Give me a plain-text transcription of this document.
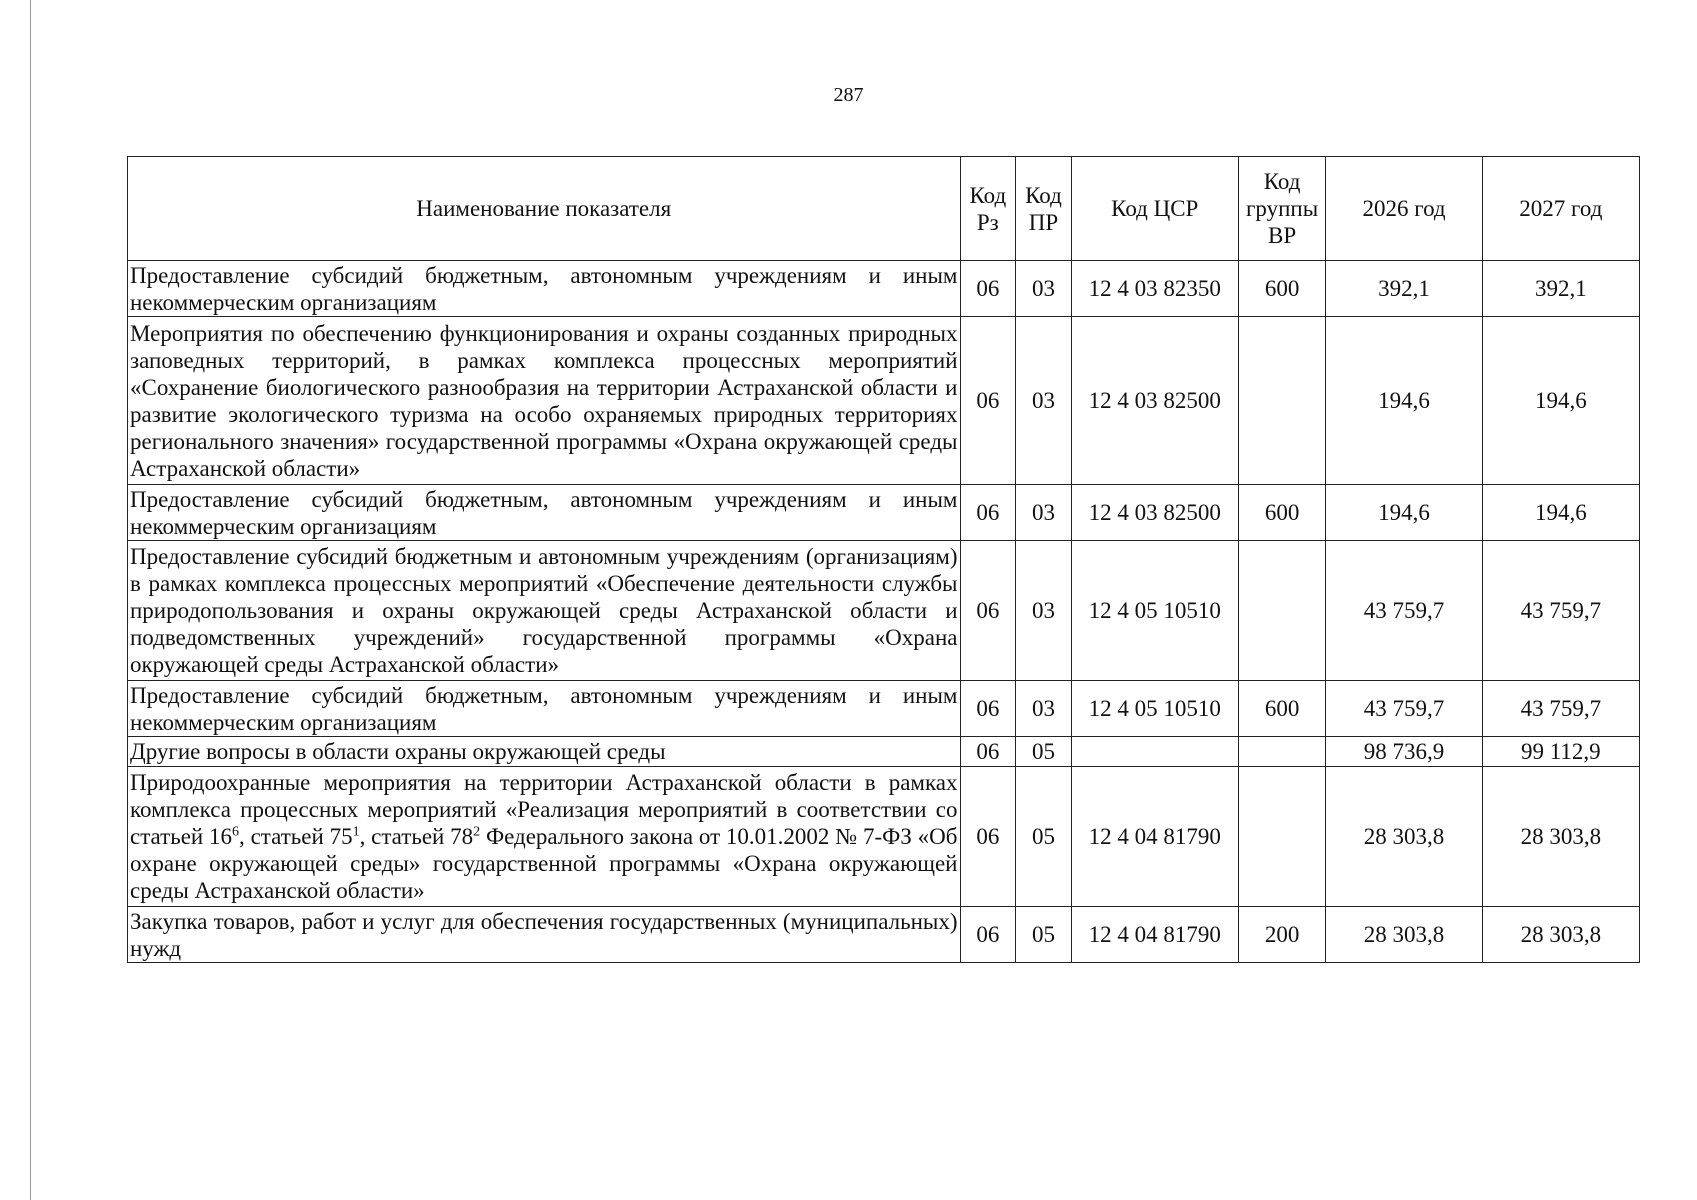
287
Наименование показателя	Код Рз	Код ПР	Код ЦСР	Код группы ВР	2026 год	2027 год
Предоставление субсидий бюджетным, автономным учреждениям и иным некоммерческим организациям	06	03	12 4 03 82350	600	392,1	392,1
Мероприятия по обеспечению функционирования и охраны созданных природных заповедных территорий, в рамках комплекса процессных мероприятий «Сохранение биологического разнообразия на территории Астраханской области и развитие экологического туризма на особо охраняемых природных территориях регионального значения» государственной программы «Охрана окружающей среды Астраханской области»	06	03	12 4 03 82500		194,6	194,6
Предоставление субсидий бюджетным, автономным учреждениям и иным некоммерческим организациям	06	03	12 4 03 82500	600	194,6	194,6
Предоставление субсидий бюджетным и автономным учреждениям (организациям) в рамках комплекса процессных мероприятий «Обеспечение деятельности службы природопользования и охраны окружающей среды Астраханской области и подведомственных учреждений» государственной программы «Охрана окружающей среды Астраханской области»	06	03	12 4 05 10510		43 759,7	43 759,7
Предоставление субсидий бюджетным, автономным учреждениям и иным некоммерческим организациям	06	03	12 4 05 10510	600	43 759,7	43 759,7
Другие вопросы в области охраны окружающей среды	06	05			98 736,9	99 112,9
Природоохранные мероприятия на территории Астраханской области в рамках комплекса процессных мероприятий «Реализация мероприятий в соответствии со статьей $16^6$, статьей $75^1$, статьей $78^2$ Федерального закона от 10.01.2002 № 7-ФЗ «Об охране окружающей среды» государственной программы «Охрана окружающей среды Астраханской области»	06	05	12 4 04 81790		28 303,8	28 303,8
Закупка товаров, работ и услуг для обеспечения государственных (муниципальных) нужд	06	05	12 4 04 81790	200	28 303,8	28 303,8
